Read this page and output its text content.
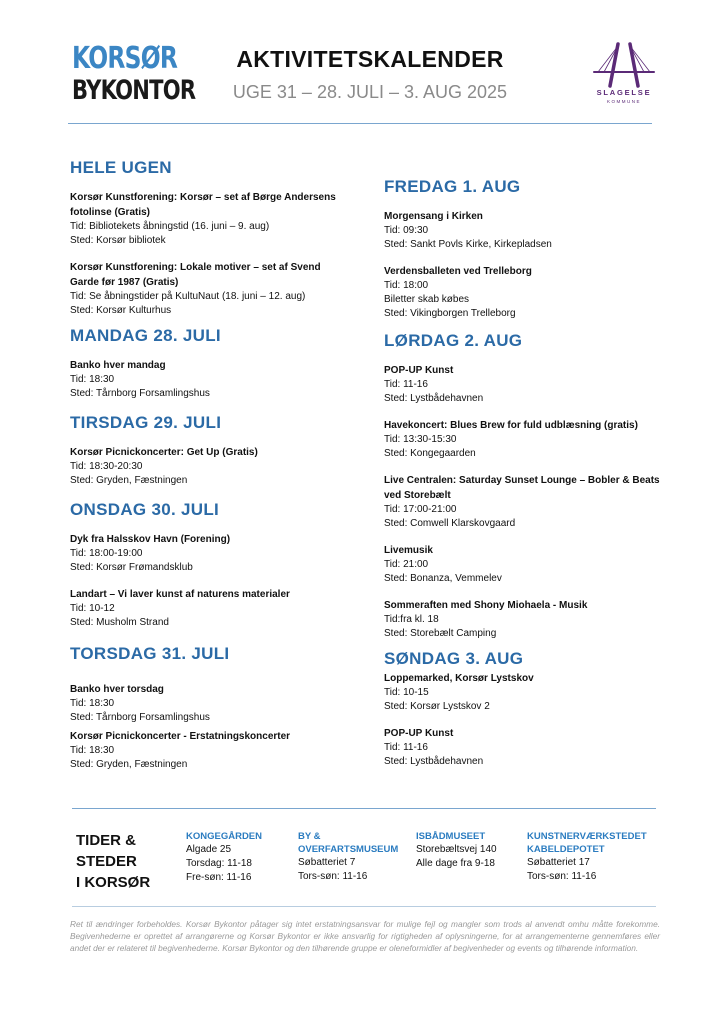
KORSØR
BYKONTOR
AKTIVITETSKALENDER
UGE 31 – 28. JULI – 3. AUG 2025	SLAGELSE
KOMMUNE
HELE UGEN
Korsør Kunstforening: Korsør – set af Børge Andersens fotolinse (Gratis)
Tid: Bibliotekets åbningstid (16. juni – 9. aug)
Sted: Korsør bibliotek
Korsør Kunstforening: Lokale motiver – set af Svend Garde før 1987 (Gratis)
Tid: Se åbningstider på KultuNaut (18. juni – 12. aug)
Sted: Korsør Kulturhus
MANDAG 28. JULI
Banko hver mandag
Tid: 18:30
Sted: Tårnborg Forsamlingshus
TIRSDAG 29. JULI
Korsør Picnickoncerter: Get Up (Gratis)
Tid: 18:30-20:30
Sted: Gryden, Fæstningen
ONSDAG 30. JULI
Dyk fra Halsskov Havn (Forening)
Tid: 18:00-19:00
Sted: Korsør Frømandsklub
Landart – Vi laver kunst af naturens materialer
Tid: 10-12
Sted: Musholm Strand
TORSDAG 31. JULI
Banko hver torsdag
Tid: 18:30
Sted: Tårnborg Forsamlingshus
Korsør Picnickoncerter - Erstatningskoncerter
Tid: 18:30
Sted: Gryden, Fæstningen
FREDAG 1. AUG
Morgensang i Kirken
Tid: 09:30
Sted: Sankt Povls Kirke, Kirkepladsen
Verdensballeten ved Trelleborg
Tid: 18:00
Biletter skab købes
Sted: Vikingborgen Trelleborg
LØRDAG 2. AUG
POP-UP Kunst
Tid: 11-16
Sted: Lystbådehavnen
Havekoncert: Blues Brew for fuld udblæsning (gratis)
Tid: 13:30-15:30
Sted: Kongegaarden
Live Centralen: Saturday Sunset Lounge – Bobler & Beats ved Storebælt
Tid: 17:00-21:00
Sted: Comwell Klarskovgaard
Livemusik
Tid: 21:00
Sted: Bonanza, Vemmelev
Sommeraften med Shony Miohaela - Musik
Tid:fra kl. 18
Sted: Storebælt Camping
SØNDAG 3. AUG
Loppemarked, Korsør Lystskov
Tid: 10-15
Sted: Korsør Lystskov 2
POP-UP Kunst
Tid: 11-16
Sted: Lystbådehavnen
TIDER &
STEDER
I KORSØR
KONGEGÅRDEN
Algade 25
Torsdag: 11-18
Fre-søn: 11-16
BY &
OVERFARTSMUSEUM
Søbatteriet 7
Tors-søn: 11-16
ISBÅDMUSEET
Storebæltsvej 140
Alle dage fra 9-18
KUNSTNERVÆRKSTEDET
KABELDEPOTET
Søbatteriet 17
Tors-søn: 11-16
Ret til ændringer forbeholdes. Korsør Bykontor påtager sig intet erstatningsansvar for mulige fejl og mangler som trods al anvendt omhu måtte forekomme. Begivenhederne er oprettet af arrangørerne og Korsør Bykontor er ikke ansvarlig for rigtigheden af oplysningerne, for at arrangementerne gennemføres eller andet der er relateret til begivenhederne. Korsør Bykontor og den tilhørende gruppe er oleneformidler af begivenheder og events og tilhørende information.
